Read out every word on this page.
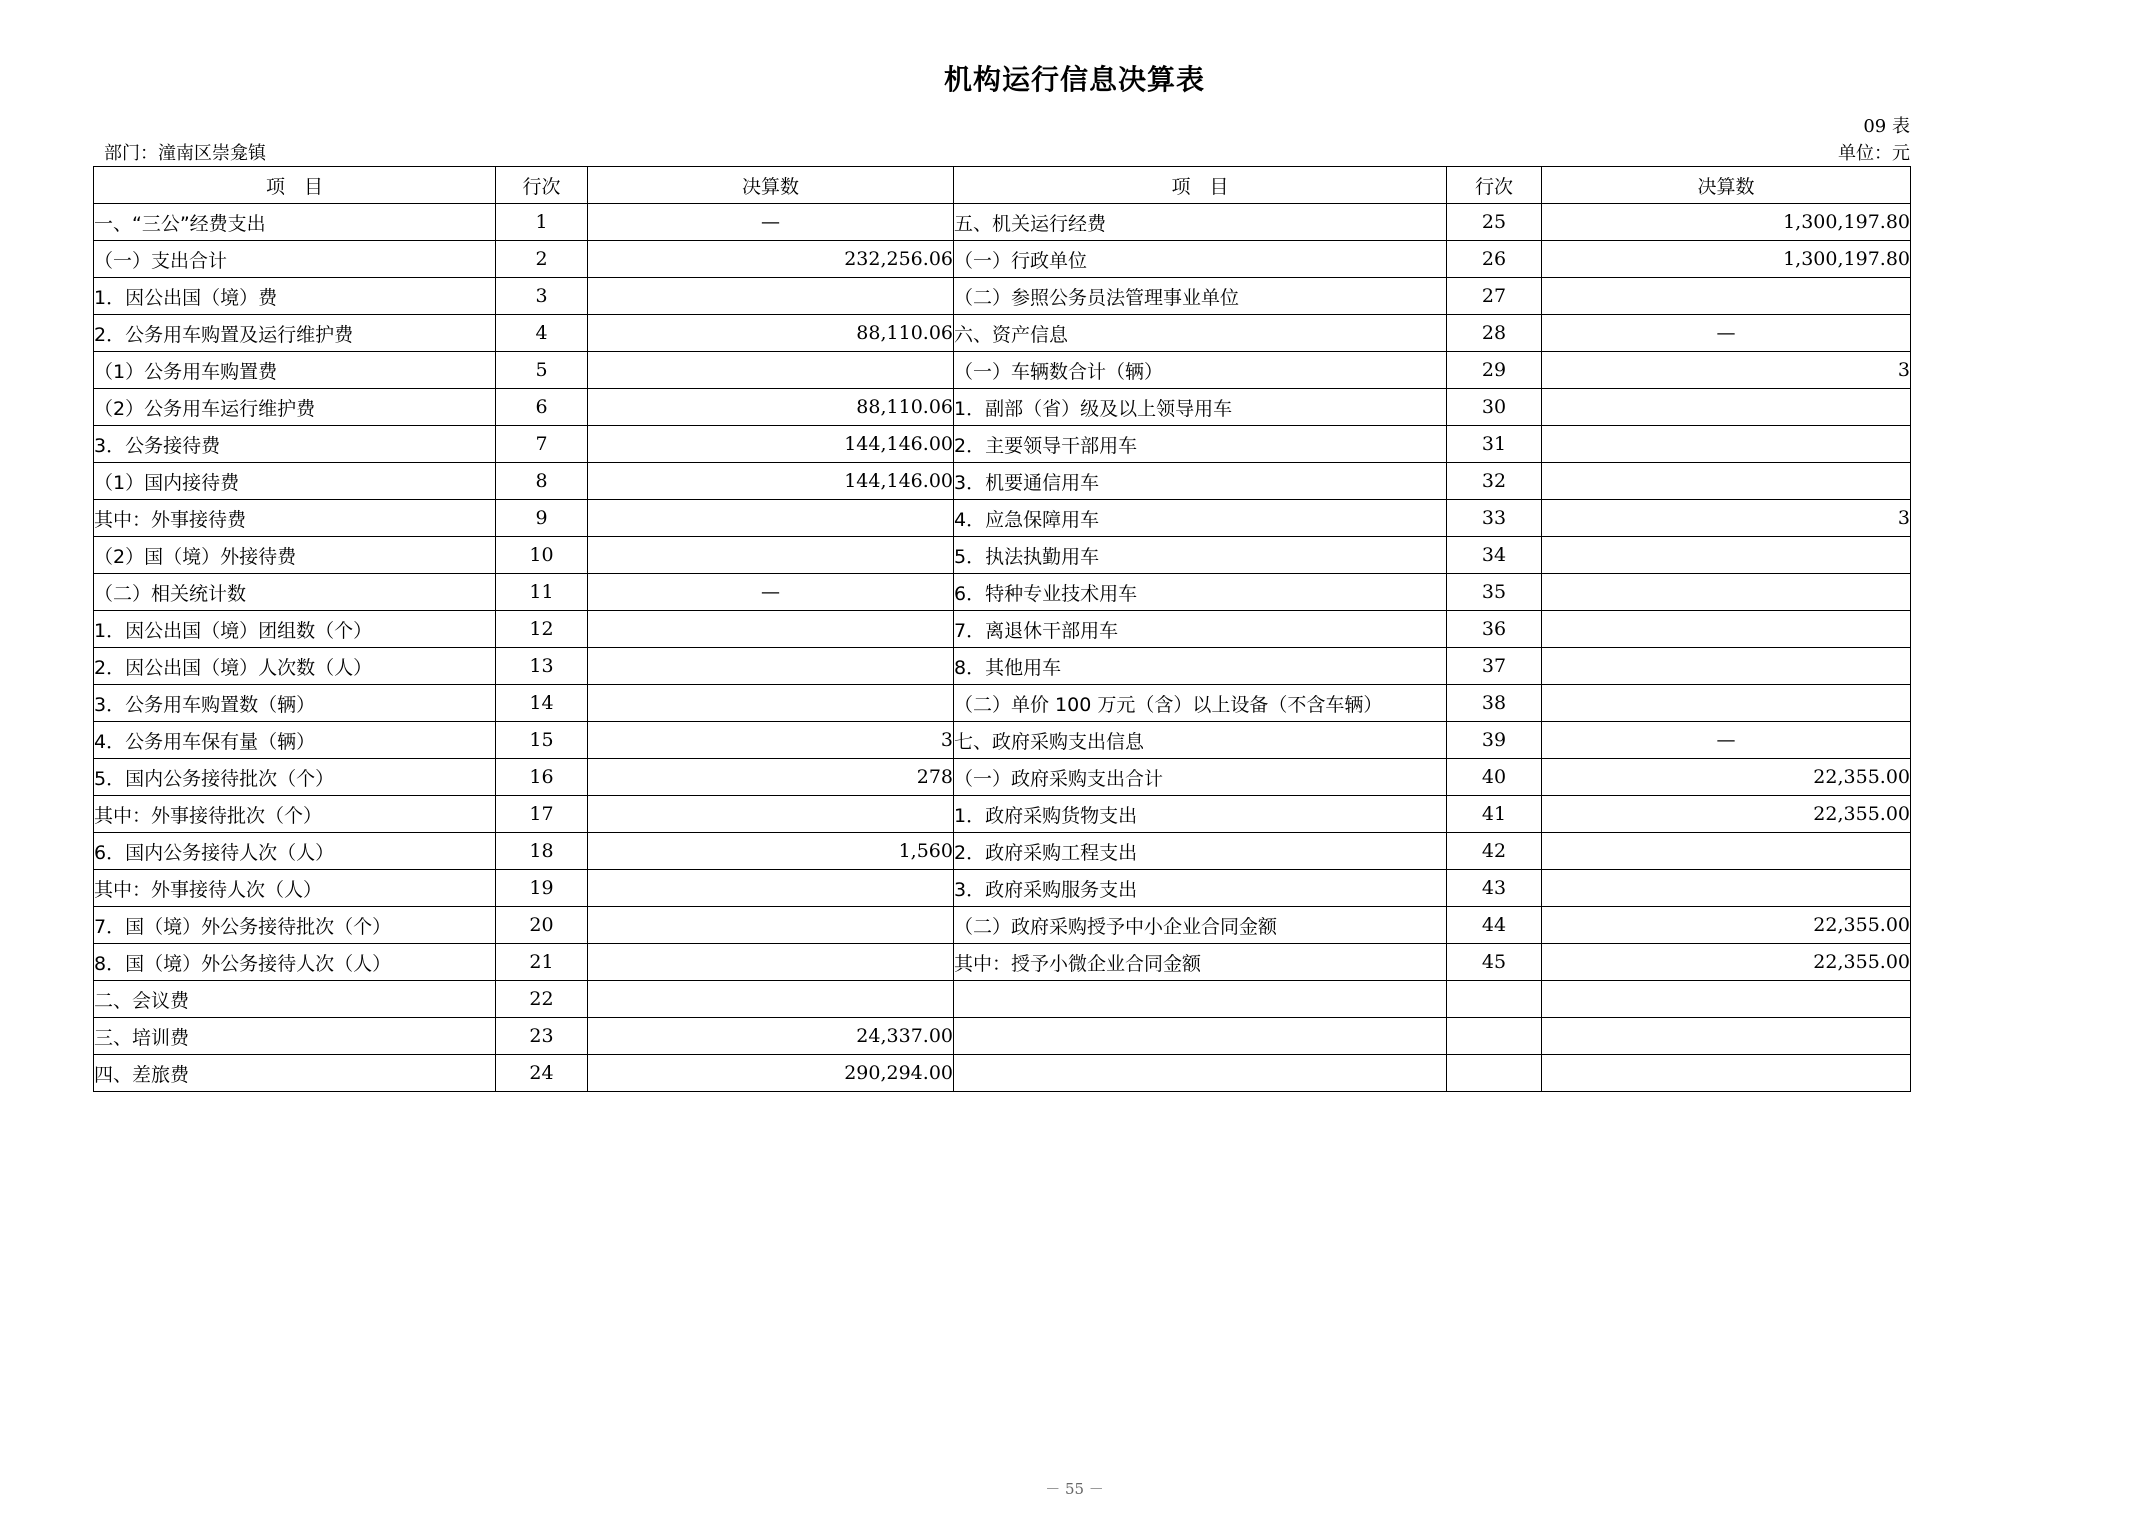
机构运行信息决算表
09 表
部门：潼南区崇龛镇	单位：元
项　目	行次	决算数	项　目	行次	决算数
一、“三公”经费支出	1	—	五、机关运行经费	25	1,300,197.80
（一）支出合计	2	232,256.06	（一）行政单位	26	1,300,197.80
1．因公出国（境）费	3		（二）参照公务员法管理事业单位	27	
2．公务用车购置及运行维护费	4	88,110.06	六、资产信息	28	—
（1）公务用车购置费	5		（一）车辆数合计（辆）	29	3
（2）公务用车运行维护费	6	88,110.06	1．副部（省）级及以上领导用车	30	
3．公务接待费	7	144,146.00	2．主要领导干部用车	31	
（1）国内接待费	8	144,146.00	3．机要通信用车	32	
其中：外事接待费	9		4．应急保障用车	33	3
（2）国（境）外接待费	10		5．执法执勤用车	34	
（二）相关统计数	11	—	6．特种专业技术用车	35	
1．因公出国（境）团组数（个）	12		7．离退休干部用车	36	
2．因公出国（境）人次数（人）	13		8．其他用车	37	
3．公务用车购置数（辆）	14		（二）单价 100 万元（含）以上设备（不含车辆）	38	
4．公务用车保有量（辆）	15	3	七、政府采购支出信息	39	—
5．国内公务接待批次（个）	16	278	（一）政府采购支出合计	40	22,355.00
其中：外事接待批次（个）	17		1．政府采购货物支出	41	22,355.00
6．国内公务接待人次（人）	18	1,560	2．政府采购工程支出	42	
其中：外事接待人次（人）	19		3．政府采购服务支出	43	
7．国（境）外公务接待批次（个）	20		（二）政府采购授予中小企业合同金额	44	22,355.00
8．国（境）外公务接待人次（人）	21		其中：授予小微企业合同金额	45	22,355.00
二、会议费	22				
三、培训费	23	24,337.00			
四、差旅费	24	290,294.00			
－ 55 －
